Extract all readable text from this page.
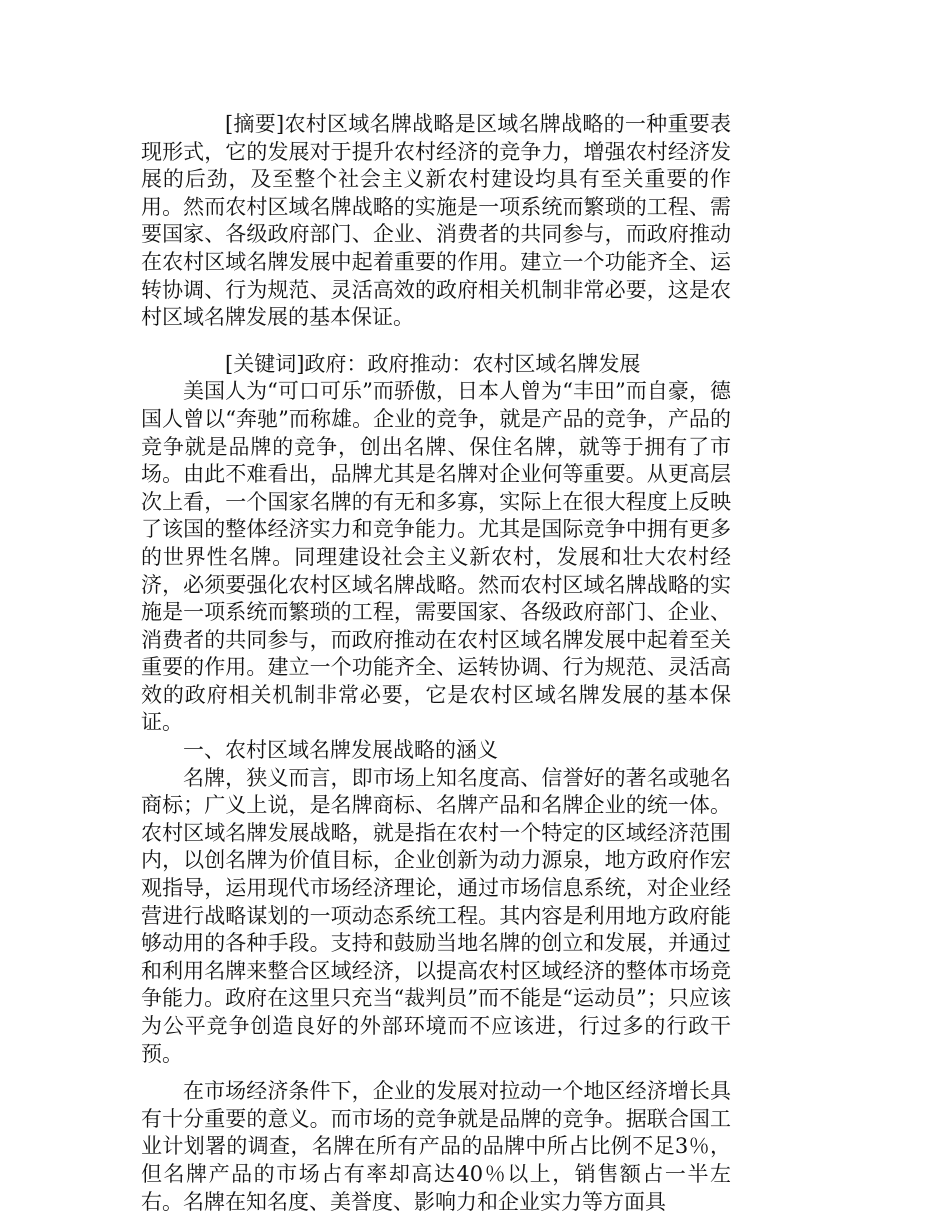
[摘要]农村区域名牌战略是区域名牌战略的一种重要表现形式，它的发展对于提升农村经济的竞争力，增强农村经济发展的后劲，及至整个社会主义新农村建设均具有至关重要的作用。然而农村区域名牌战略的实施是一项系统而繁琐的工程、需要国家、各级政府部门、企业、消费者的共同参与，而政府推动在农村区域名牌发展中起着重要的作用。建立一个功能齐全、运转协调、行为规范、灵活高效的政府相关机制非常必要，这是农村区域名牌发展的基本保证。

[关键词]政府：政府推动：农村区域名牌发展

美国人为“可口可乐”而骄傲，日本人曾为“丰田”而自豪，德国人曾以“奔驰”而称雄。企业的竞争，就是产品的竞争，产品的竞争就是品牌的竞争，创出名牌、保住名牌，就等于拥有了市场。由此不难看出，品牌尤其是名牌对企业何等重要。从更高层次上看，一个国家名牌的有无和多寡，实际上在很大程度上反映了该国的整体经济实力和竞争能力。尤其是国际竞争中拥有更多的世界性名牌。同理建设社会主义新农村，发展和壮大农村经济，必须要强化农村区域名牌战略。然而农村区域名牌战略的实施是一项系统而繁琐的工程，需要国家、各级政府部门、企业、消费者的共同参与，而政府推动在农村区域名牌发展中起着至关重要的作用。建立一个功能齐全、运转协调、行为规范、灵活高效的政府相关机制非常必要，它是农村区域名牌发展的基本保证。

一、农村区域名牌发展战略的涵义

名牌，狭义而言，即市场上知名度高、信誉好的著名或驰名商标；广义上说，是名牌商标、名牌产品和名牌企业的统一体。农村区域名牌发展战略，就是指在农村一个特定的区域经济范围内，以创名牌为价值目标，企业创新为动力源泉，地方政府作宏观指导，运用现代市场经济理论，通过市场信息系统，对企业经营进行战略谋划的一项动态系统工程。其内容是利用地方政府能够动用的各种手段。支持和鼓励当地名牌的创立和发展，并通过和利用名牌来整合区域经济，以提高农村区域经济的整体市场竞争能力。政府在这里只充当“裁判员”而不能是“运动员”；只应该为公平竞争创造良好的外部环境而不应该进，行过多的行政干预。

在市场经济条件下，企业的发展对拉动一个地区经济增长具有十分重要的意义。而市场的竞争就是品牌的竞争。据联合国工业计划署的调查，名牌在所有产品的品牌中所占比例不足3％，但名牌产品的市场占有率却高达40％以上，销售额占一半左右。名牌在知名度、美誉度、影响力和企业实力等方面具
